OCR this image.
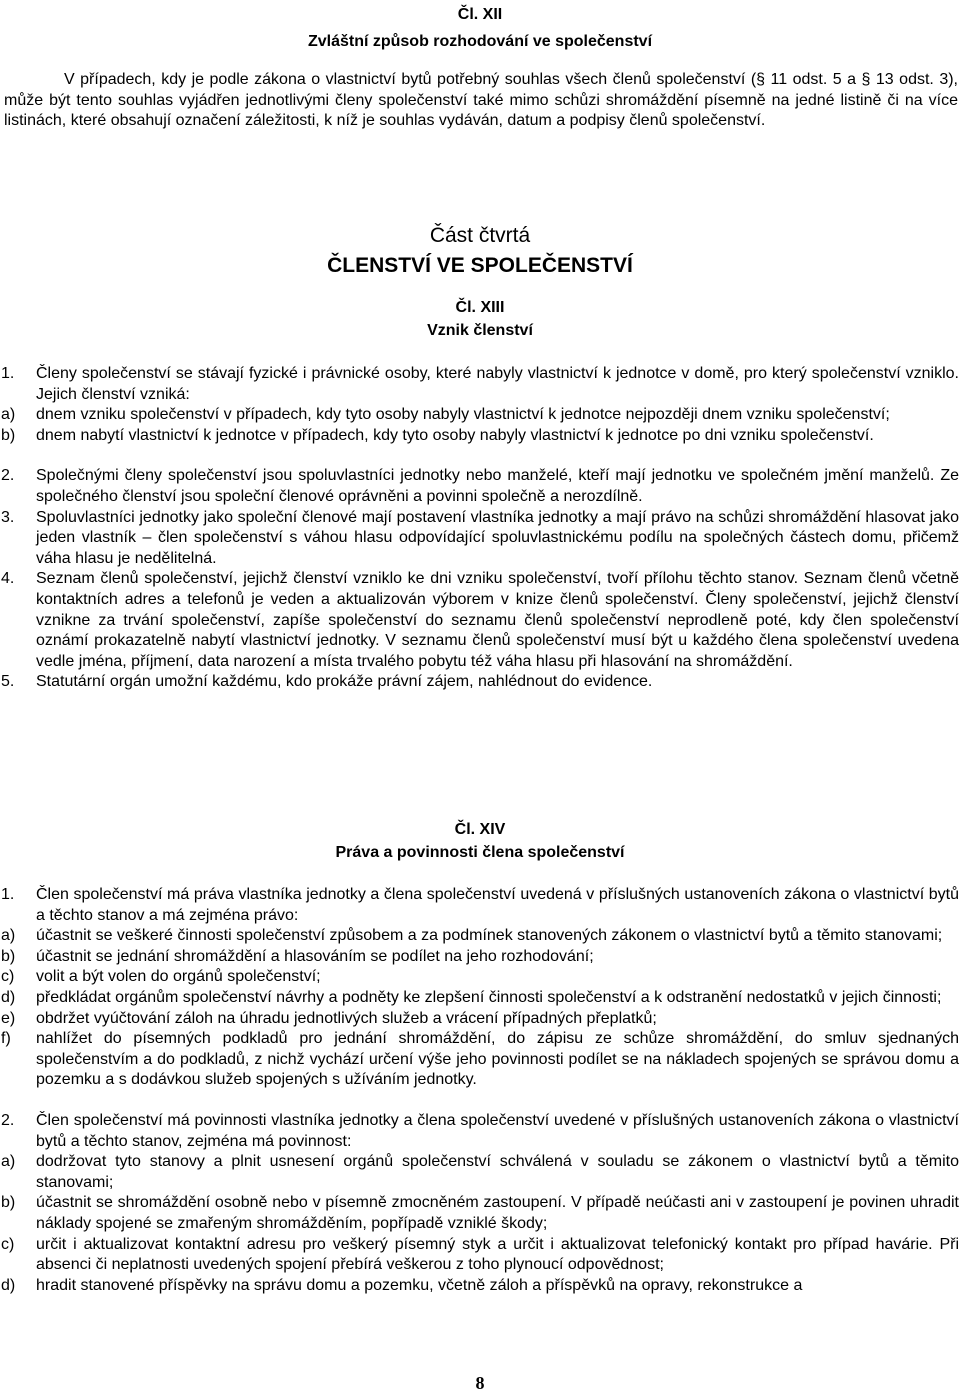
Čl. XII
Zvláštní způsob rozhodování ve společenství
V případech, kdy je podle zákona o vlastnictví bytů potřebný souhlas všech členů společenství (§ 11 odst. 5 a § 13 odst. 3), může být tento souhlas vyjádřen jednotlivými členy společenství také mimo schůzi shromáždění písemně na jedné listině či na více listinách, které obsahují označení záležitosti, k níž je souhlas vydáván, datum a podpisy členů společenství.
Část čtvrtá
ČLENSTVÍ VE SPOLEČENSTVÍ
Čl. XIII
Vznik členství
1.	Členy společenství se stávají fyzické i právnické osoby, které nabyly vlastnictví k jednotce v domě, pro který společenství vzniklo. Jejich členství vzniká:
a)	dnem vzniku společenství v případech, kdy tyto osoby nabyly vlastnictví k jednotce nejpozději dnem vzniku společenství;
b)	dnem nabytí vlastnictví k jednotce v případech, kdy tyto osoby nabyly vlastnictví k jednotce po dni vzniku společenství.
2.	Společnými členy společenství jsou spoluvlastníci jednotky nebo manželé, kteří mají jednotku ve společném jmění manželů. Ze společného členství jsou společní členové oprávněni a povinni společně a nerozdílně.
3.	Spoluvlastníci jednotky jako společní členové mají postavení vlastníka jednotky a mají právo na schůzi shromáždění hlasovat jako jeden vlastník – člen společenství s váhou hlasu odpovídající spoluvlastnickému podílu na společných částech domu, přičemž váha hlasu je nedělitelná.
4.	Seznam členů společenství, jejichž členství vzniklo ke dni vzniku společenství, tvoří přílohu těchto stanov. Seznam členů včetně kontaktních adres a telefonů je veden a aktualizován výborem v knize členů společenství. Členy společenství, jejichž členství vznikne za trvání společenství, zapíše společenství do seznamu členů společenství neprodleně poté, kdy člen společenství oznámí prokazatelně nabytí vlastnictví jednotky. V seznamu členů společenství musí být u každého člena společenství uvedena vedle jména, příjmení, data narození a místa trvalého pobytu též váha hlasu při hlasování na shromáždění.
5.	Statutární orgán umožní každému, kdo prokáže právní zájem, nahlédnout do evidence.
Čl. XIV
Práva a povinnosti člena společenství
1.	Člen společenství má práva vlastníka jednotky a člena společenství uvedená v příslušných ustanoveních zákona o vlastnictví bytů a těchto stanov a má zejména právo:
a)	účastnit se veškeré činnosti společenství způsobem a za podmínek stanovených zákonem o vlastnictví bytů a těmito stanovami;
b)	účastnit se jednání shromáždění a hlasováním se podílet na jeho rozhodování;
c)	volit a být volen do orgánů společenství;
d)	předkládat orgánům společenství návrhy a podněty ke zlepšení činnosti společenství a k odstranění nedostatků v jejich činnosti;
e)	obdržet vyúčtování záloh na úhradu jednotlivých služeb a vrácení případných přeplatků;
f)	nahlížet do písemných podkladů pro jednání shromáždění, do zápisu ze schůze shromáždění, do smluv sjednaných společenstvím a do podkladů, z nichž vychází určení výše jeho povinnosti podílet se na nákladech spojených se správou domu a pozemku a s dodávkou služeb spojených s užíváním jednotky.
2.	Člen společenství má povinnosti vlastníka jednotky a člena společenství uvedené v příslušných ustanoveních zákona o vlastnictví bytů a těchto stanov, zejména má povinnost:
a)	dodržovat tyto stanovy a plnit usnesení orgánů společenství schválená v souladu se zákonem o vlastnictví bytů a těmito stanovami;
b)	účastnit se shromáždění osobně nebo v písemně zmocněném zastoupení. V případě neúčasti ani v zastoupení je povinen uhradit náklady spojené se zmařeným shromážděním, popřípadě vzniklé škody;
c)	určit i aktualizovat kontaktní adresu pro veškerý písemný styk a určit i aktualizovat telefonický kontakt pro případ havárie. Při absenci či neplatnosti uvedených spojení přebírá veškerou z toho plynoucí odpovědnost;
d)	hradit stanovené příspěvky na správu domu a pozemku, včetně záloh a příspěvků na opravy, rekonstrukce a
8
